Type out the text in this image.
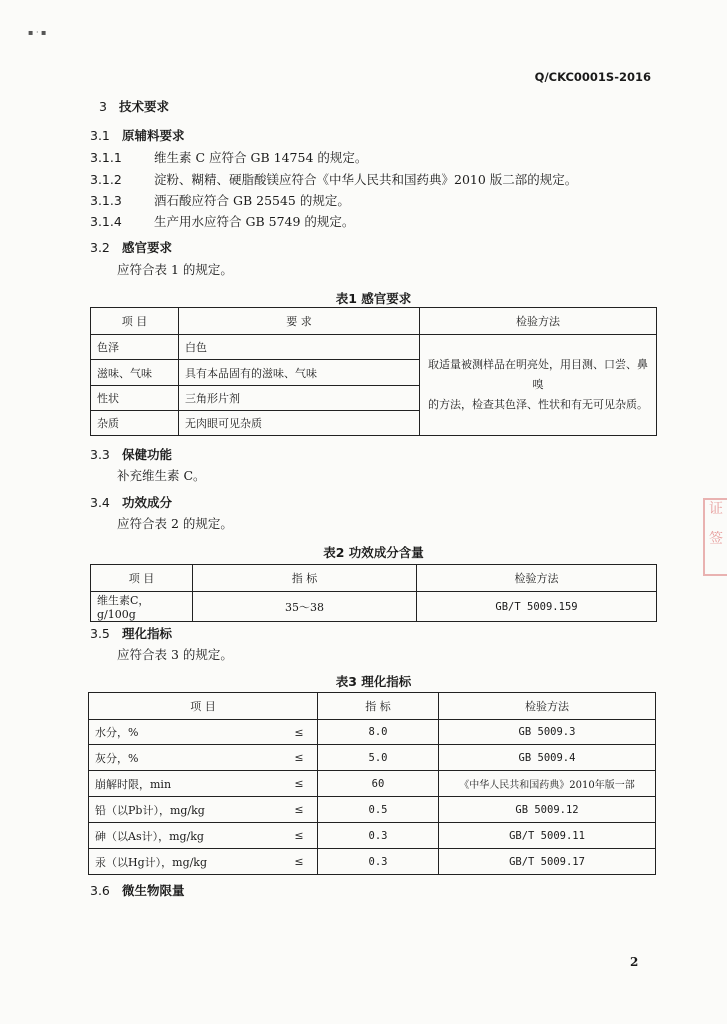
▪ · ▪
Q/CKC0001S-2016
3 技术要求
3.1 原辅料要求
3.1.1	维生素 C 应符合 GB 14754 的规定。
3.1.2	淀粉、糊精、硬脂酸镁应符合《中华人民共和国药典》2010 版二部的规定。
3.1.3	酒石酸应符合 GB 25545 的规定。
3.1.4	生产用水应符合 GB 5749 的规定。
3.2 感官要求
应符合表 1 的规定。
表1 感官要求
项 目	要 求	检验方法
色泽	白色	取适量被测样品在明亮处，用目测、口尝、鼻嗅
的方法，检查其色泽、性状和有无可见杂质。

滋味、气味	具有本品固有的滋味、气味	
性状	三角形片剂	
杂质	无肉眼可见杂质	
3.3 保健功能
补充维生素 C。
3.4 功效成分
应符合表 2 的规定。
表2 功效成分含量
项 目	指 标	检验方法
维生素C， g/100g	35～38	GB/T 5009.159
3.5 理化指标
应符合表 3 的规定。
表3 理化指标
项 目		指 标	检验方法
水分，%	≤	8.0	GB 5009.3
灰分，%	≤	5.0	GB 5009.4
崩解时限，min	≤	60	《中华人民共和国药典》2010年版一部
铅（以Pb计），mg/kg	≤	0.5	GB 5009.12
砷（以As计），mg/kg	≤	0.3	GB/T 5009.11
汞（以Hg计），mg/kg	≤	0.3	GB/T 5009.17
3.6 微生物限量
2
证
签
